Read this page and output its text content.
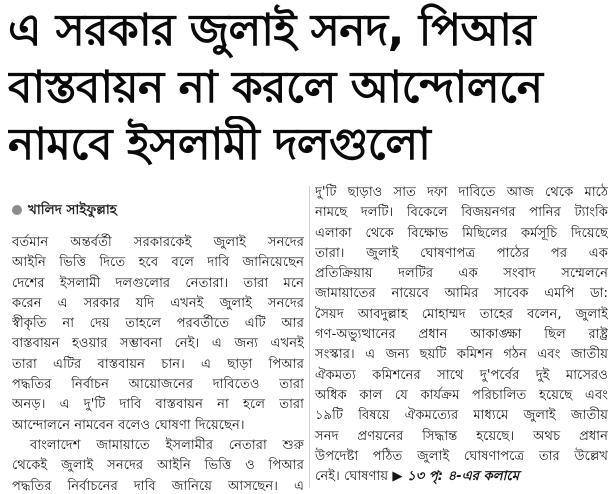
এ সরকার জুলাই সনদ, পিআর
বাস্তবায়ন না করলে আন্দোলনে
নামবে ইসলামী দলগুলো
খালিদ সাইফুল্লাহ

বর্তমান অন্তর্বর্তী সরকারকেই জুলাই সনদের
আইনি ভিত্তি দিতে হবে বলে দাবি জানিয়েছেন
দেশের ইসলামী দলগুলোর নেতারা। তারা মনে
করেন এ সরকার যদি এখনই জুলাই সনদের
স্বীকৃতি না দেয় তাহলে পরবর্তীতে এটি আর
বাস্তবায়ন হওয়ার সম্ভাবনা নেই। এ জন্য এখনই
তারা এটির বাস্তবায়ন চান। এ ছাড়া পিআর
পদ্ধতির নির্বাচন আয়োজনের দাবিতেও তারা
অনড়। এ দু'টি দাবি বাস্তবায়ন না হলে তারা
আন্দোলনে নামবেন বলেও ঘোষণা দিয়েছেন।

বাংলাদেশ জামায়াতে ইসলামীর নেতারা শুরু
থেকেই জুলাই সনদের আইনি ভিত্তি ও পিআর
পদ্ধতির নির্বাচনের দাবি জানিয়ে আসছেন। এ

দু'টি ছাড়াও সাত দফা দাবিতে আজ থেকে মাঠে
নামছে দলটি। বিকেলে বিজয়নগর পানির ট্যাংকি
এলাকা থেকে বিক্ষোভ মিছিলের কর্মসূচি দিয়েছে
তারা। জুলাই ঘোষণাপত্র পাঠের পর এক
প্রতিক্রিয়ায় দলটির এক সংবাদ সম্মেলনে
জামায়াতের নায়েবে আমির সাবেক এমপি ডা:
সৈয়দ আবদুল্লাহ মোহাম্মদ তাহের বলেন, জুলাই
গণ-অভ্যুত্থানের প্রধান আকাঙ্ক্ষা ছিল রাষ্ট্র
সংস্কার। এ জন্য ছয়টি কমিশন গঠন এবং জাতীয়
ঐকমত্য কমিশনের সাথে দু'পর্বের দুই মাসেরও
অধিক কাল যে কার্যক্রম পরিচালিত হয়েছে এবং
১৯টি বিষয়ে ঐকমত্যের মাধ্যমে জুলাই জাতীয়
সনদ প্রণয়নের সিদ্ধান্ত হয়েছে। অথচ প্রধান
উপদেষ্টা পঠিত জুলাই ঘোষণাপত্রে তার উল্লেখ
নেই। ঘোষণায় ▶ ১৩ পৃ: ৪-এর কলামে
